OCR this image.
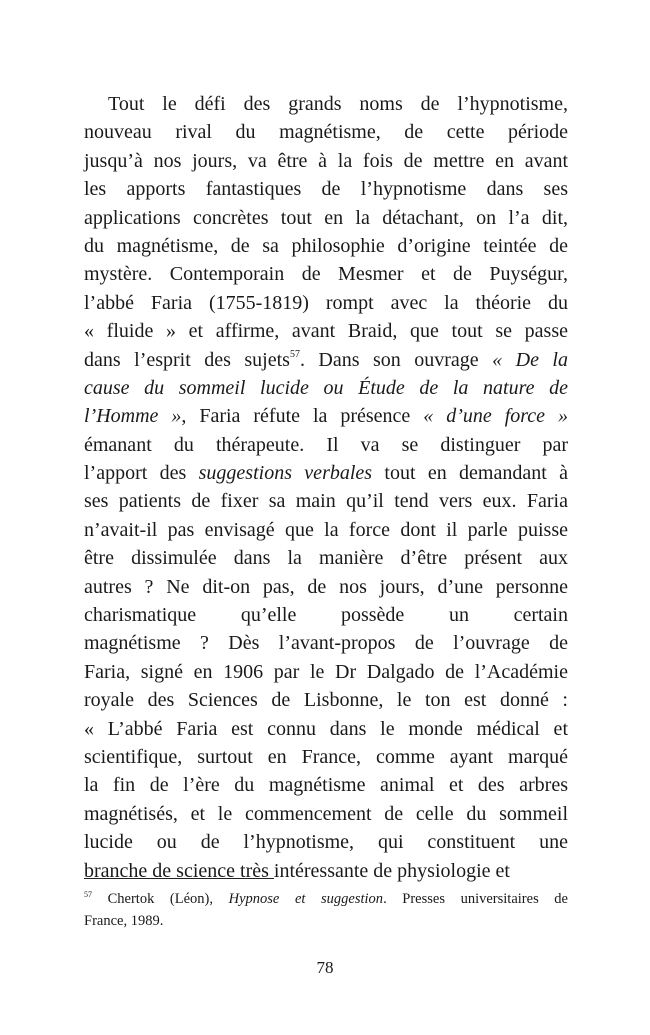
Tout le défi des grands noms de l’hypnotisme,
nouveau rival du magnétisme, de cette période
jusqu’à nos jours, va être à la fois de mettre en avant
les apports fantastiques de l’hypnotisme dans ses
applications concrètes tout en la détachant, on l’a dit,
du magnétisme, de sa philosophie d’origine teintée de
mystère. Contemporain de Mesmer et de Puységur,
l’abbé Faria (1755-1819) rompt avec la théorie du
« fluide » et affirme, avant Braid, que tout se passe
dans l’esprit des sujets$^{57}$. Dans son ouvrage « De la
cause du sommeil lucide ou Étude de la nature de
l’Homme », Faria réfute la présence « d’une force »
émanant du thérapeute. Il va se distinguer par
l’apport des suggestions verbales tout en demandant à
ses patients de fixer sa main qu’il tend vers eux. Faria
n’avait-il pas envisagé que la force dont il parle puisse
être dissimulée dans la manière d’être présent aux
autres ? Ne dit-on pas, de nos jours, d’une personne
charismatique qu’elle possède un certain
magnétisme ? Dès l’avant-propos de l’ouvrage de
Faria, signé en 1906 par le Dr Dalgado de l’Académie
royale des Sciences de Lisbonne, le ton est donné :
« L’abbé Faria est connu dans le monde médical et
scientifique, surtout en France, comme ayant marqué
la fin de l’ère du magnétisme animal et des arbres
magnétisés, et le commencement de celle du sommeil
lucide ou de l’hypnotisme, qui constituent une
branche de science très intéressante de physiologie et
$^{57}$ Chertok (Léon), Hypnose et suggestion. Presses universitaires de
France, 1989.
78
